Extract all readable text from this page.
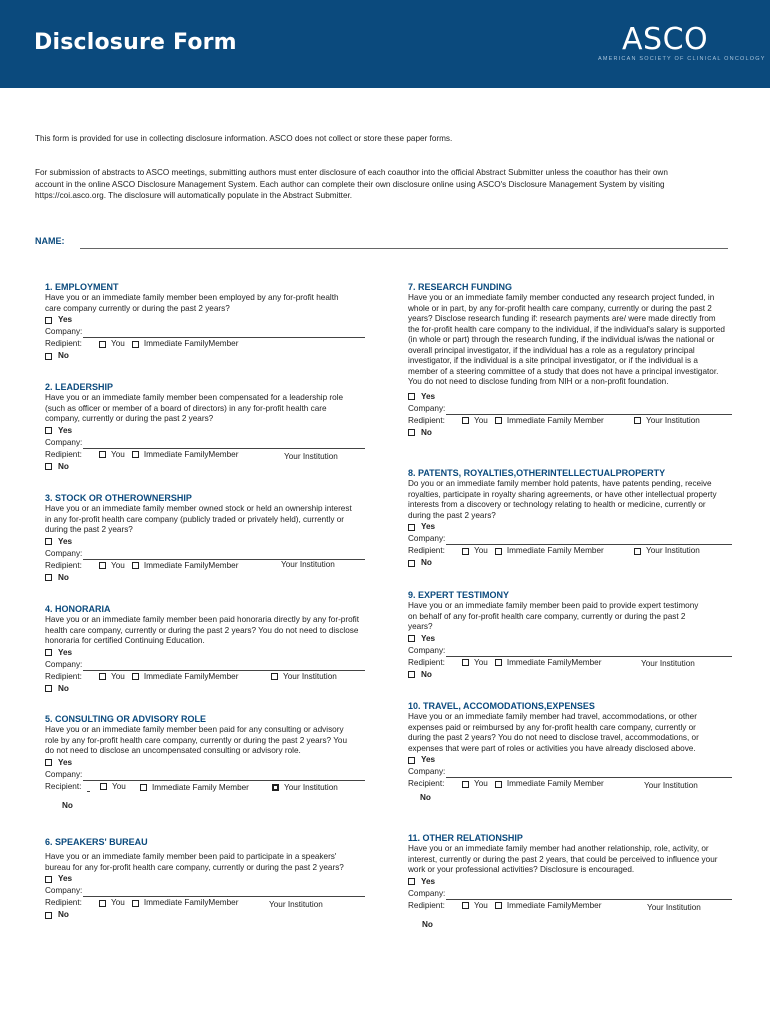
Disclosure Form	ASCO
AMERICAN SOCIETY OF CLINICAL ONCOLOGY
This form is provided for use in collecting disclosure information. ASCO does not collect or store these paper forms.
For submission of abstracts to ASCO meetings, submitting authors must enter disclosure of each coauthor into the official Abstract Submitter unless the coauthor has their own account in the online ASCO Disclosure Management System. Each author can complete their own disclosure online using ASCO's Disclosure Management System by visiting https://coi.asco.org. The disclosure will automatically populate in the Abstract Submitter.
NAME:
1. EMPLOYMENT
Have you or an immediate family member been employed by any for-profit health care company currently or during the past 2 years?
Yes
Company:
Redipient:	You Immediate FamilyMember
No
2. LEADERSHIP
Have you or an immediate family member been compensated for a leadership role (such as officer or member of a board of directors) in any for-profit health care company, currently or during the past 2 years?
Yes
Company:
Redipient:	You Immediate FamilyMember	Your Institution
No
3. STOCK OR OTHEROWNERSHIP
Have you or an immediate family member owned stock or held an ownership interest in any for-profit health care company (publicly traded or privately held), currently or during the past 2 years?
Yes
Company:
Redipient:	You Immediate FamilyMember	Your Institution
No
4. HONORARIA
Have you or an immediate family member been paid honoraria directly by any for-profit health care company, currently or during the past 2 years? You do not need to disclose honoraria for certified Continuing Education.
Yes
Company:
Redipient:	You Immediate FamilyMember	Your Institution
No
5. CONSULTING OR ADVISORY ROLE
Have you or an immediate family member been paid for any consulting or advisory role by any for-profit health care company, currently or during the past 2 years? You do not need to disclose an uncompensated consulting or advisory role.
Yes
Company:
Recipient:	You	Immediate Family Member	Your Institution
No
6. SPEAKERS' BUREAU
Have you or an immediate family member been paid to participate in a speakers' bureau for any for-profit health care company, currently or during the past 2 years?
Yes
Company:
Redipient:	You Immediate FamilyMember	Your Institution
No
7. RESEARCH FUNDING
Have you or an immediate family member conducted any research project funded, in whole or in part, by any for-profit health care company, currently or during the past 2 years? Disclose research funding if: research payments are/ were made directly from the for-profit health care company to the individual, if the individual's salary is supported (in whole or part) through the research funding, if the individual is/was the national or overall principal investigator, if the individual has a role as a regulatory principal investigator, if the individual is a site principal investigator, or if the individual is a member of a steering committee of a study that does not have a principal investigator. You do not need to disclose funding from NIH or a non-profit foundation.
Yes
Company:
Redipient:	You Immediate Family Member	Your Institution
No
8. PATENTS, ROYALTIES,OTHERINTELLECTUALPROPERTY
Do you or an immediate family member hold patents, have patents pending, receive royalties, participate in royalty sharing agreements, or have other intellectual property interests from a discovery or technology relating to health or medicine, currently or during the past 2 years?
Yes
Company:
Redipient:	You Immediate Family Member	Your Institution
No
9. EXPERT TESTIMONY
Have you or an immediate family member been paid to provide expert testimony on behalf of any for-profit health care company, currently or during the past 2 years?
Yes
Company:
Redipient:	You Immediate FamilyMember	Your Institution
No
10. TRAVEL, ACCOMODATIONS,EXPENSES
Have you or an immediate family member had travel, accommodations, or other expenses paid or reimbursed by any for-profit health care company, currently or during the past 2 years? You do not need to disclose travel, accommodations, or expenses that were part of roles or activities you have already disclosed above.
Yes
Company:
Recipient:	You Immediate Family Member	Your Institution
No
11. OTHER RELATIONSHIP
Have you or an immediate family member had another relationship, role, activity, or interest, currently or during the past 2 years, that could be perceived to influence your work or your professional activities? Disclosure is encouraged.
Yes
Company:
Redipient:	You Immediate FamilyMember	Your Institution
No
